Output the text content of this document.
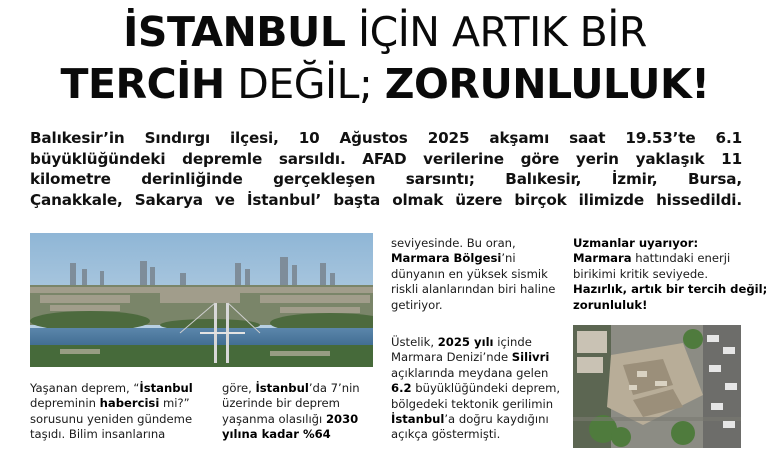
İSTANBUL İÇİN ARTIK BİR
TERCİH DEĞİL; ZORUNLULUK!
Balıkesir’in Sındırgı ilçesi, 10 Ağustos 2025 akşamı saat 19.53’te 6.1
büyüklüğündeki depremle sarsıldı. AFAD verilerine göre yerin yaklaşık 11
kilometre derinliğinde gerçekleşen sarsıntı; Balıkesir, İzmir, Bursa,
Çanakkale, Sakarya ve İstanbul’ başta olmak üzere birçok ilimizde hissedildi.
Yaşanan deprem, “İstanbul
depreminin habercisi mi?”
sorusunu yeniden gündeme
taşıdı. Bilim insanlarına
göre, İstanbul’da 7’nin
üzerinde bir deprem
yaşanma olasılığı 2030
yılına kadar %64
seviyesinde. Bu oran,
Marmara Bölgesi’ni
dünyanın en yüksek sismik
riskli alanlarından biri haline
getiriyor.
Üstelik, 2025 yılı içinde
Marmara Denizi’nde Silivri
açıklarında meydana gelen
6.2 büyüklüğündeki deprem,
bölgedeki tektonik gerilimin
İstanbul’a doğru kaydığını
açıkça göstermişti.
Uzmanlar uyarıyor:
Marmara hattındaki enerji
birikimi kritik seviyede.
Hazırlık, artık bir tercih değil;
zorunluluk!
